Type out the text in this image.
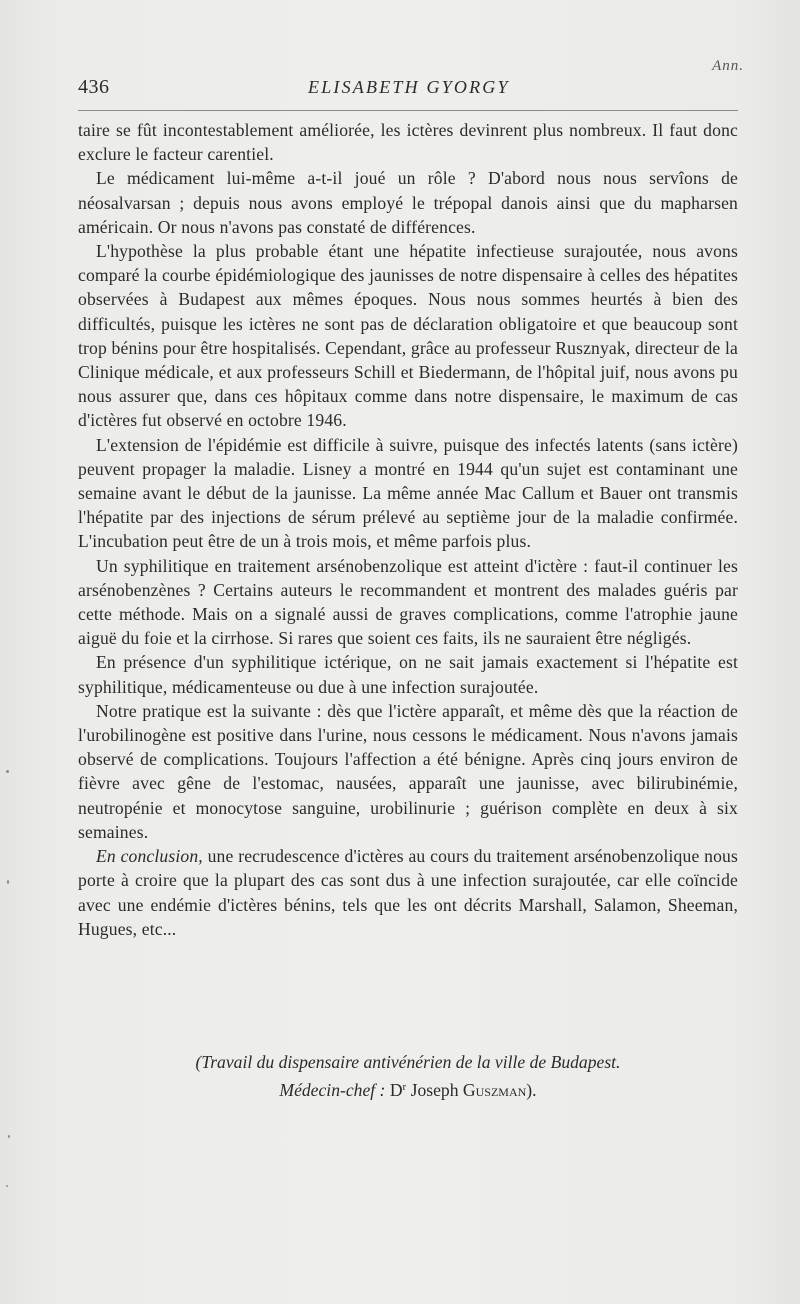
436	ELISABETH GYORGY
Ann.

taire se fût incontestablement améliorée, les ictères devinrent plus nombreux. Il faut donc exclure le facteur carentiel.

Le médicament lui-même a-t-il joué un rôle ? D'abord nous nous servîons de néosalvarsan ; depuis nous avons employé le trépopal danois ainsi que du mapharsen américain. Or nous n'avons pas constaté de différences.

L'hypothèse la plus probable étant une hépatite infectieuse surajoutée, nous avons comparé la courbe épidémiologique des jaunisses de notre dispensaire à celles des hépatites observées à Budapest aux mêmes époques. Nous nous sommes heurtés à bien des difficultés, puisque les ictères ne sont pas de déclaration obligatoire et que beaucoup sont trop bénins pour être hospitalisés. Cependant, grâce au professeur Rusznyak, directeur de la Clinique médicale, et aux professeurs Schill et Biedermann, de l'hôpital juif, nous avons pu nous assurer que, dans ces hôpitaux comme dans notre dispensaire, le maximum de cas d'ictères fut observé en octobre 1946.

L'extension de l'épidémie est difficile à suivre, puisque des infectés latents (sans ictère) peuvent propager la maladie. Lisney a montré en 1944 qu'un sujet est contaminant une semaine avant le début de la jaunisse. La même année Mac Callum et Bauer ont transmis l'hépatite par des injections de sérum prélevé au septième jour de la maladie confirmée. L'incubation peut être de un à trois mois, et même parfois plus.

Un syphilitique en traitement arsénobenzolique est atteint d'ictère : faut-il continuer les arsénobenzènes ? Certains auteurs le recommandent et montrent des malades guéris par cette méthode. Mais on a signalé aussi de graves complications, comme l'atrophie jaune aiguë du foie et la cirrhose. Si rares que soient ces faits, ils ne sauraient être négligés.

En présence d'un syphilitique ictérique, on ne sait jamais exactement si l'hépatite est syphilitique, médicamenteuse ou due à une infection surajoutée.

Notre pratique est la suivante : dès que l'ictère apparaît, et même dès que la réaction de l'urobilinogène est positive dans l'urine, nous cessons le médicament. Nous n'avons jamais observé de complications. Toujours l'affection a été bénigne. Après cinq jours environ de fièvre avec gêne de l'estomac, nausées, apparaît une jaunisse, avec bilirubinémie, neutropénie et monocytose sanguine, urobilinurie ; guérison complète en deux à six semaines.

En conclusion, une recrudescence d'ictères au cours du traitement arsénobenzolique nous porte à croire que la plupart des cas sont dus à une infection surajoutée, car elle coïncide avec une endémie d'ictères bénins, tels que les ont décrits Marshall, Salamon, Sheeman, Hugues, etc...

(Travail du dispensaire antivénérien de la ville de Budapest.
Médecin-chef : $D^r$ Joseph Guszman).
